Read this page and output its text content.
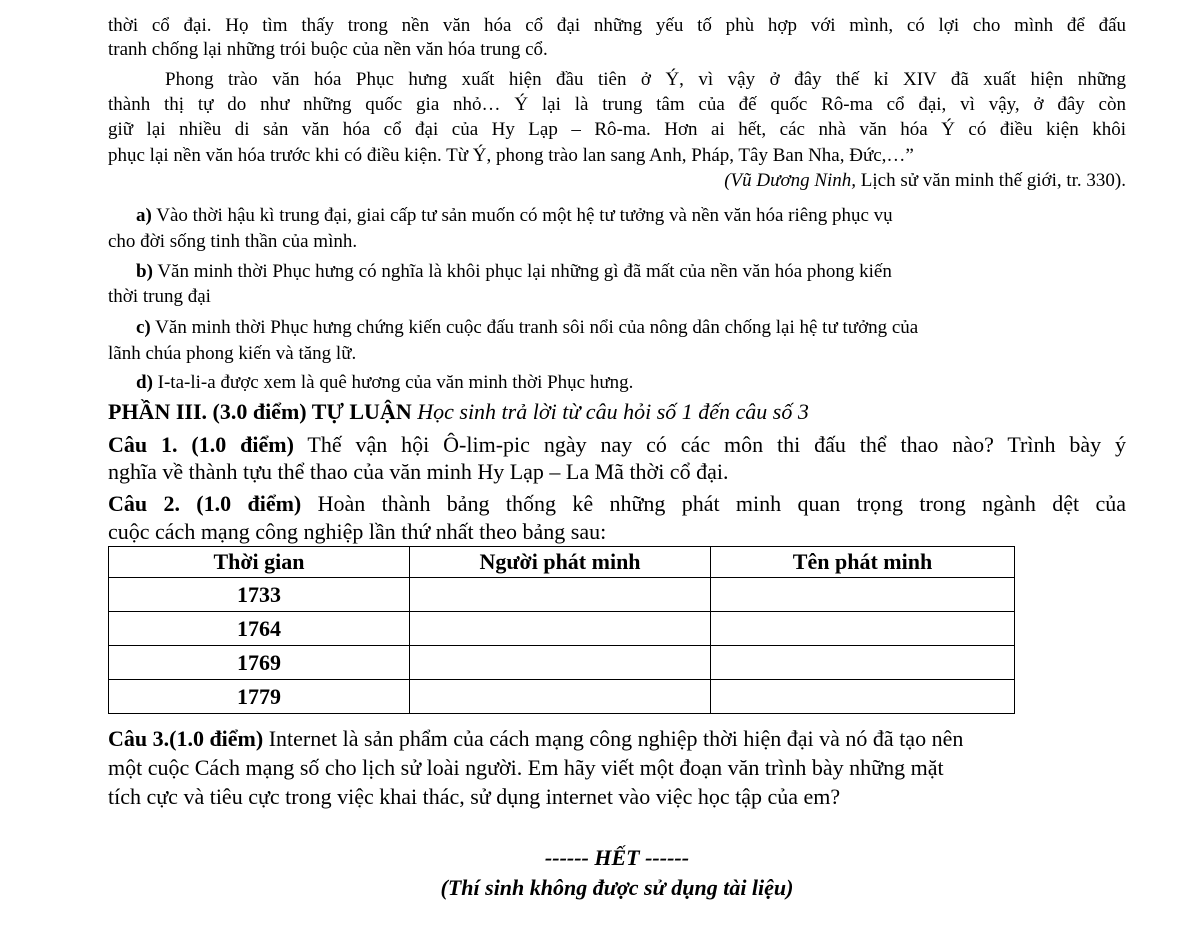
thời cổ đại. Họ tìm thấy trong nền văn hóa cổ đại những yếu tố phù hợp với mình, có lợi cho mình để đấu
tranh chống lại những trói buộc của nền văn hóa trung cổ.
Phong trào văn hóa Phục hưng xuất hiện đầu tiên ở Ý, vì vậy ở đây thế kỉ XIV đã xuất hiện những
thành thị tự do như những quốc gia nhỏ… Ý lại là trung tâm của đế quốc Rô-ma cổ đại, vì vậy, ở đây còn
giữ lại nhiều di sản văn hóa cổ đại của Hy Lạp – Rô-ma. Hơn ai hết, các nhà văn hóa Ý có điều kiện khôi
phục lại nền văn hóa trước khi có điều kiện. Từ Ý, phong trào lan sang Anh, Pháp, Tây Ban Nha, Đức,…”
(Vũ Dương Ninh, Lịch sử văn minh thế giới, tr. 330).
a) Vào thời hậu kì trung đại, giai cấp tư sản muốn có một hệ tư tưởng và nền văn hóa riêng phục vụ
cho đời sống tinh thần của mình.
b) Văn minh thời Phục hưng có nghĩa là khôi phục lại những gì đã mất của nền văn hóa phong kiến
thời trung đại
c) Văn minh thời Phục hưng chứng kiến cuộc đấu tranh sôi nổi của nông dân chống lại hệ tư tưởng của
lãnh chúa phong kiến và tăng lữ.
d) I-ta-li-a được xem là quê hương của văn minh thời Phục hưng.
PHẦN III. (3.0 điểm) TỰ LUẬN Học sinh trả lời từ câu hỏi số 1 đến câu số 3
Câu 1. (1.0 điểm) Thế vận hội Ô-lim-pic ngày nay có các môn thi đấu thể thao nào? Trình bày ý
nghĩa về thành tựu thể thao của văn minh Hy Lạp – La Mã thời cổ đại.
Câu 2. (1.0 điểm) Hoàn thành bảng thống kê những phát minh quan trọng trong ngành dệt của
cuộc cách mạng công nghiệp lần thứ nhất theo bảng sau:
Thời gian	Người phát minh	Tên phát minh
1733		
1764		
1769		
1779		
Câu 3.(1.0 điểm) Internet là sản phẩm của cách mạng công nghiệp thời hiện đại và nó đã tạo nên
một cuộc Cách mạng số cho lịch sử loài người. Em hãy viết một đoạn văn trình bày những mặt
tích cực và tiêu cực trong việc khai thác, sử dụng internet vào việc học tập của em?
------ HẾT ------
(Thí sinh không được sử dụng tài liệu)
